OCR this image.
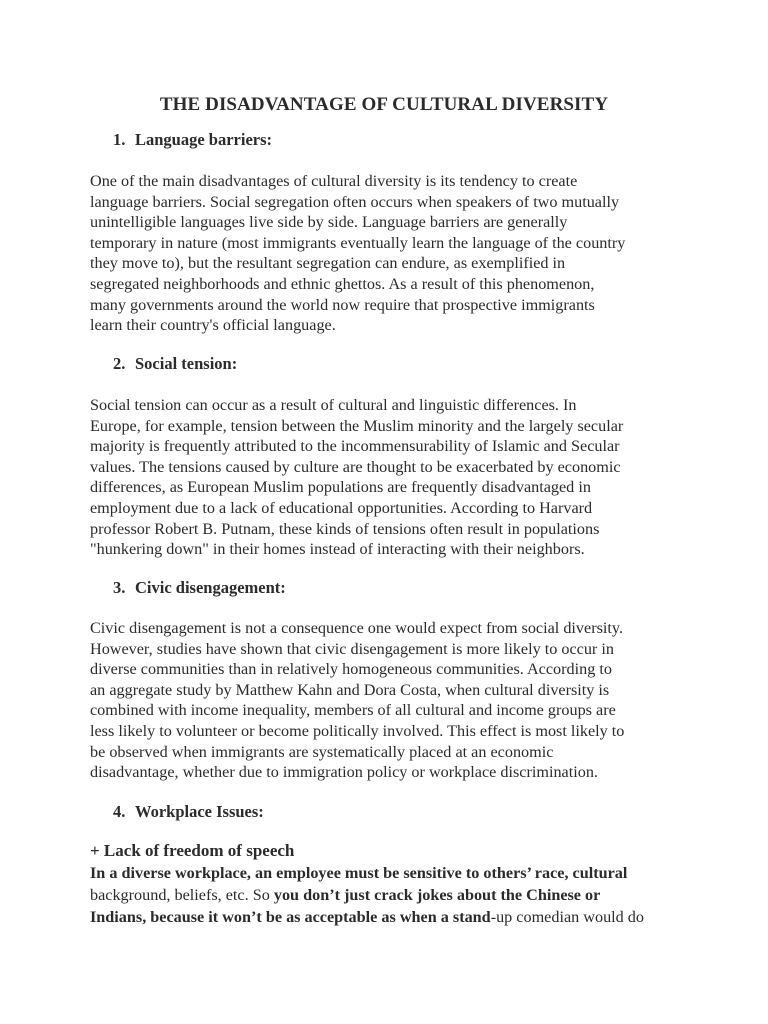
THE DISADVANTAGE OF CULTURAL DIVERSITY
1. Language barriers:

One of the main disadvantages of cultural diversity is its tendency to create
language barriers. Social segregation often occurs when speakers of two mutually
unintelligible languages live side by side. Language barriers are generally
temporary in nature (most immigrants eventually learn the language of the country
they move to), but the resultant segregation can endure, as exemplified in
segregated neighborhoods and ethnic ghettos. As a result of this phenomenon,
many governments around the world now require that prospective immigrants
learn their country's official language.

2. Social tension:

Social tension can occur as a result of cultural and linguistic differences. In
Europe, for example, tension between the Muslim minority and the largely secular
majority is frequently attributed to the incommensurability of Islamic and Secular
values. The tensions caused by culture are thought to be exacerbated by economic
differences, as European Muslim populations are frequently disadvantaged in
employment due to a lack of educational opportunities. According to Harvard
professor Robert B. Putnam, these kinds of tensions often result in populations
"hunkering down" in their homes instead of interacting with their neighbors.

3. Civic disengagement:

Civic disengagement is not a consequence one would expect from social diversity.
However, studies have shown that civic disengagement is more likely to occur in
diverse communities than in relatively homogeneous communities. According to
an aggregate study by Matthew Kahn and Dora Costa, when cultural diversity is
combined with income inequality, members of all cultural and income groups are
less likely to volunteer or become politically involved. This effect is most likely to
be observed when immigrants are systematically placed at an economic
disadvantage, whether due to immigration policy or workplace discrimination.

4. Workplace Issues:
+ Lack of freedom of speech

In a diverse workplace, an employee must be sensitive to others’ race, cultural
background, beliefs, etc. So you don’t just crack jokes about the Chinese or
Indians, because it won’t be as acceptable as when a stand-up comedian would do
